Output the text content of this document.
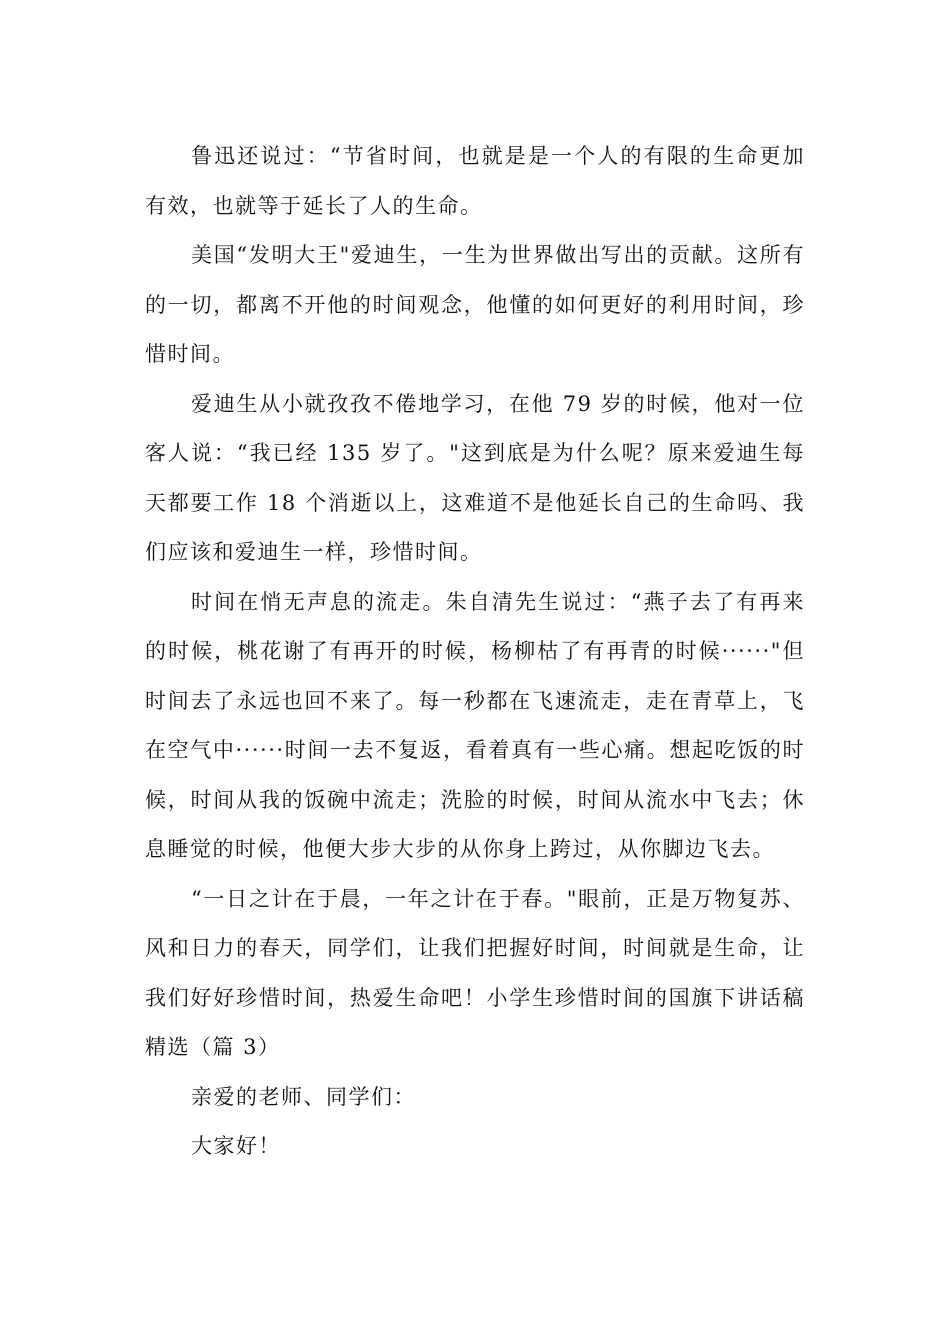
鲁迅还说过：“节省时间，也就是是一个人的有限的生命更加有效，也就等于延长了人的生命。

美国“发明大王"爱迪生，一生为世界做出写出的贡献。这所有的一切，都离不开他的时间观念，他懂的如何更好的利用时间，珍惜时间。

爱迪生从小就孜孜不倦地学习，在他 79 岁的时候，他对一位客人说：“我已经 135 岁了。"这到底是为什么呢？原来爱迪生每天都要工作 18 个消逝以上，这难道不是他延长自己的生命吗、我们应该和爱迪生一样，珍惜时间。

时间在悄无声息的流走。朱自清先生说过：“燕子去了有再来的时候，桃花谢了有再开的时候，杨柳枯了有再青的时候······"但时间去了永远也回不来了。每一秒都在飞速流走，走在青草上，飞在空气中······时间一去不复返，看着真有一些心痛。想起吃饭的时候，时间从我的饭碗中流走；洗脸的时候，时间从流水中飞去；休息睡觉的时候，他便大步大步的从你身上跨过，从你脚边飞去。

“一日之计在于晨，一年之计在于春。"眼前，正是万物复苏、风和日力的春天，同学们，让我们把握好时间，时间就是生命，让我们好好珍惜时间，热爱生命吧！小学生珍惜时间的国旗下讲话稿精选（篇 3）

亲爱的老师、同学们：

大家好！
